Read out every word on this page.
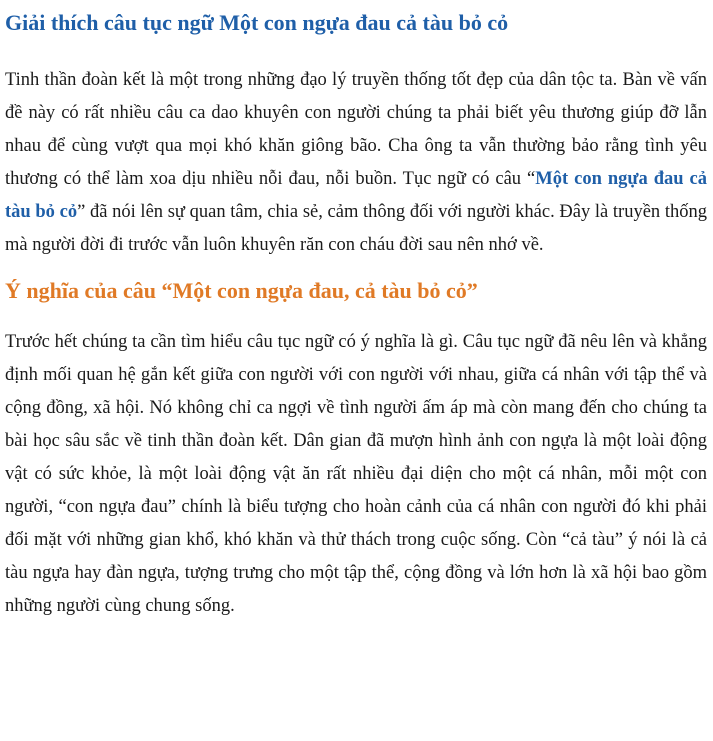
Giải thích câu tục ngữ Một con ngựa đau cả tàu bỏ cỏ

Tinh thần đoàn kết là một trong những đạo lý truyền thống tốt đẹp của dân tộc ta. Bàn về vấn đề này có rất nhiều câu ca dao khuyên con người chúng ta phải biết yêu thương giúp đỡ lẫn nhau để cùng vượt qua mọi khó khăn giông bão. Cha ông ta vẫn thường bảo rằng tình yêu thương có thể làm xoa dịu nhiều nỗi đau, nỗi buồn. Tục ngữ có câu “Một con ngựa đau cả tàu bỏ cỏ” đã nói lên sự quan tâm, chia sẻ, cảm thông đối với người khác. Đây là truyền thống mà người đời đi trước vẫn luôn khuyên răn con cháu đời sau nên nhớ về.

Ý nghĩa của câu “Một con ngựa đau, cả tàu bỏ cỏ”

Trước hết chúng ta cần tìm hiểu câu tục ngữ có ý nghĩa là gì. Câu tục ngữ đã nêu lên và khẳng định mối quan hệ gắn kết giữa con người với con người với nhau, giữa cá nhân với tập thể và cộng đồng, xã hội. Nó không chỉ ca ngợi về tình người ấm áp mà còn mang đến cho chúng ta bài học sâu sắc về tinh thần đoàn kết. Dân gian đã mượn hình ảnh con ngựa là một loài động vật có sức khỏe, là một loài động vật ăn rất nhiều đại diện cho một cá nhân, mỗi một con người, “con ngựa đau” chính là biểu tượng cho hoàn cảnh của cá nhân con người đó khi phải đối mặt với những gian khổ, khó khăn và thử thách trong cuộc sống. Còn “cả tàu” ý nói là cả tàu ngựa hay đàn ngựa, tượng trưng cho một tập thể, cộng đồng và lớn hơn là xã hội bao gồm những người cùng chung sống.
